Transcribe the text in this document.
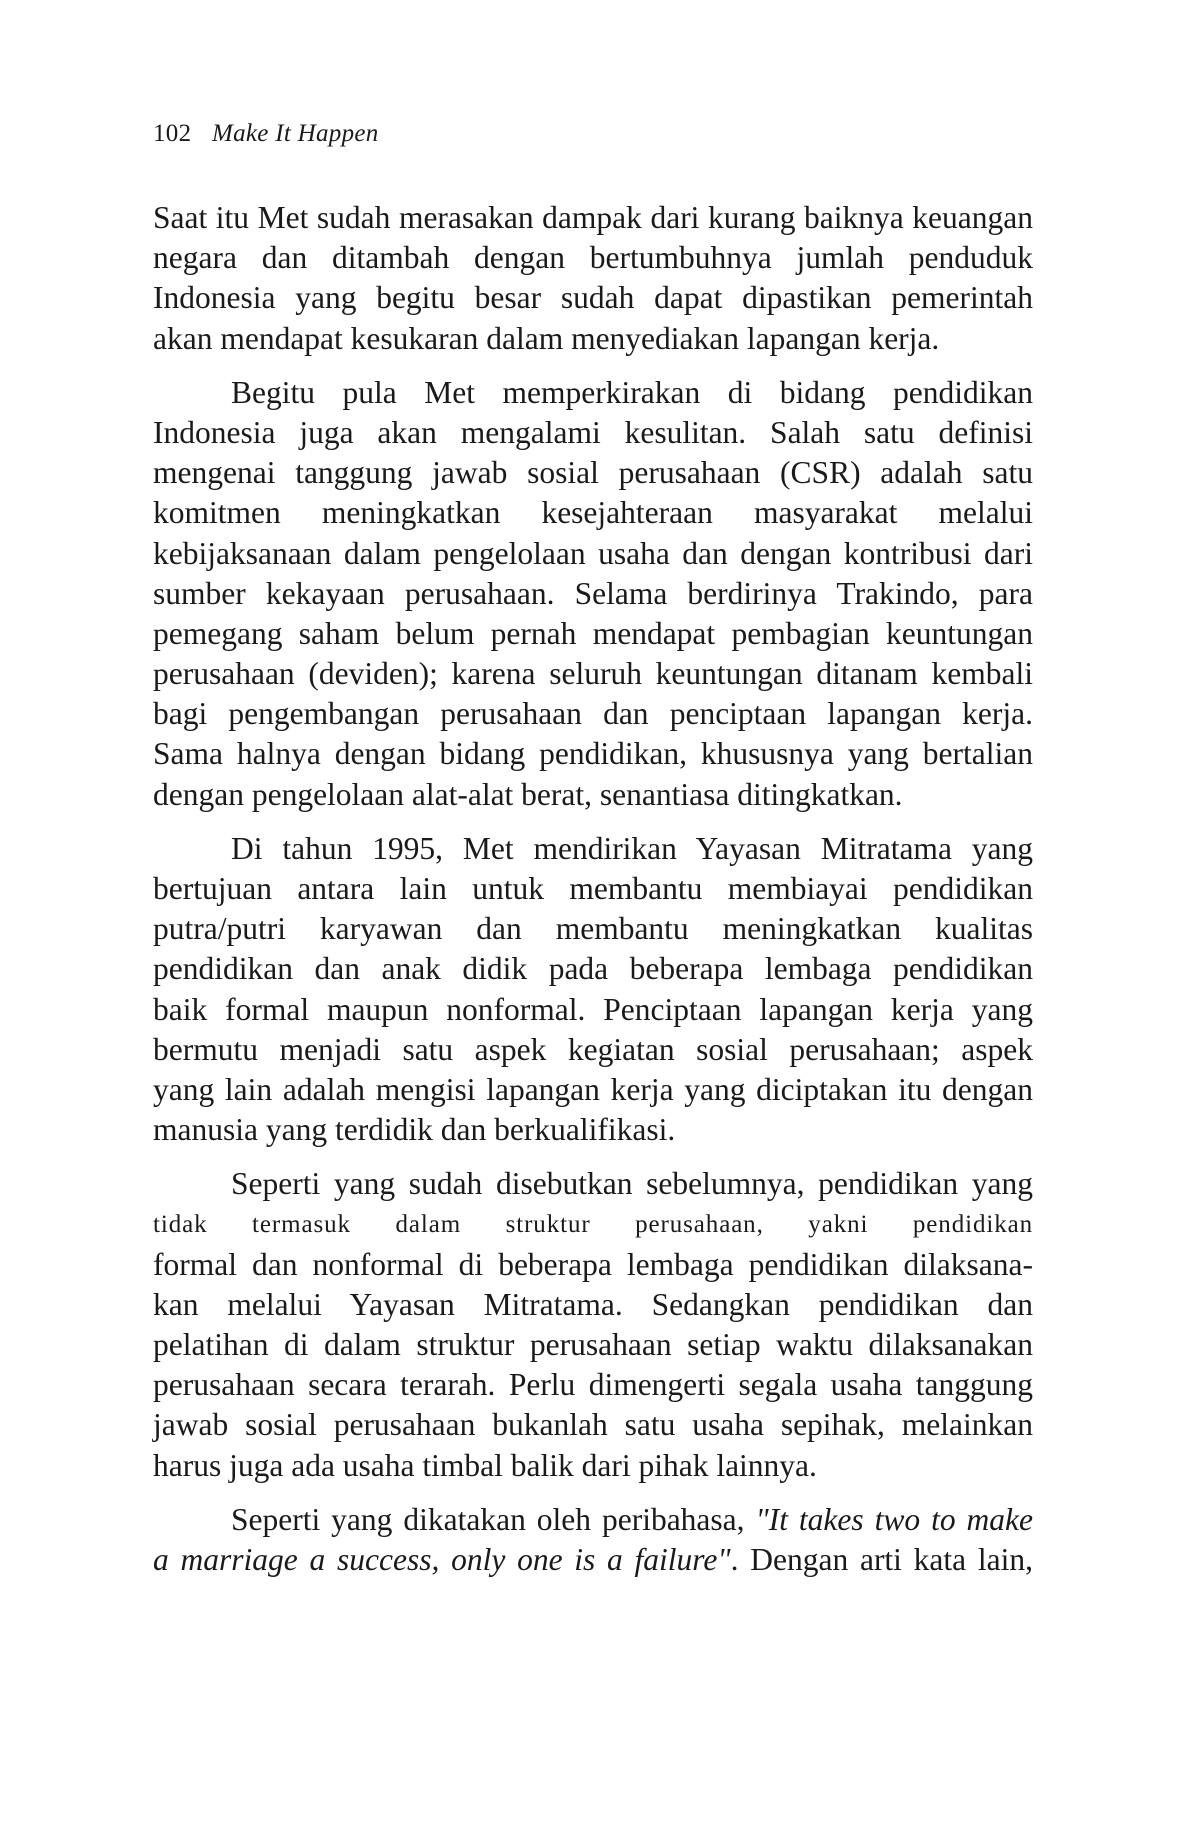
102 Make It Happen

Saat itu Met sudah merasakan dampak dari kurang baiknya keuangan
negara dan ditambah dengan bertumbuhnya jumlah penduduk
Indonesia yang begitu besar sudah dapat dipastikan pemerintah
akan mendapat kesukaran dalam menyediakan lapangan kerja.

Begitu pula Met memperkirakan di bidang pendidikan
Indonesia juga akan mengalami kesulitan. Salah satu definisi
mengenai tanggung jawab sosial perusahaan (CSR) adalah satu
komitmen meningkatkan kesejahteraan masyarakat melalui
kebijaksanaan dalam pengelolaan usaha dan dengan kontribusi dari
sumber kekayaan perusahaan. Selama berdirinya Trakindo, para
pemegang saham belum pernah mendapat pembagian keuntungan
perusahaan (deviden); karena seluruh keuntungan ditanam kembali
bagi pengembangan perusahaan dan penciptaan lapangan kerja.
Sama halnya dengan bidang pendidikan, khususnya yang bertalian
dengan pengelolaan alat-alat berat, senantiasa ditingkatkan.

Di tahun 1995, Met mendirikan Yayasan Mitratama yang
bertujuan antara lain untuk membantu membiayai pendidikan
putra/putri karyawan dan membantu meningkatkan kualitas
pendidikan dan anak didik pada beberapa lembaga pendidikan
baik formal maupun nonformal. Penciptaan lapangan kerja yang
bermutu menjadi satu aspek kegiatan sosial perusahaan; aspek
yang lain adalah mengisi lapangan kerja yang diciptakan itu dengan
manusia yang terdidik dan berkualifikasi.

Seperti yang sudah disebutkan sebelumnya, pendidikan yang
tidak termasuk dalam struktur perusahaan, yakni pendidikan
formal dan nonformal di beberapa lembaga pendidikan dilaksana-
kan melalui Yayasan Mitratama. Sedangkan pendidikan dan
pelatihan di dalam struktur perusahaan setiap waktu dilaksanakan
perusahaan secara terarah. Perlu dimengerti segala usaha tanggung
jawab sosial perusahaan bukanlah satu usaha sepihak, melainkan
harus juga ada usaha timbal balik dari pihak lainnya.

Seperti yang dikatakan oleh peribahasa, "It takes two to make
a marriage a success, only one is a failure". Dengan arti kata lain,
